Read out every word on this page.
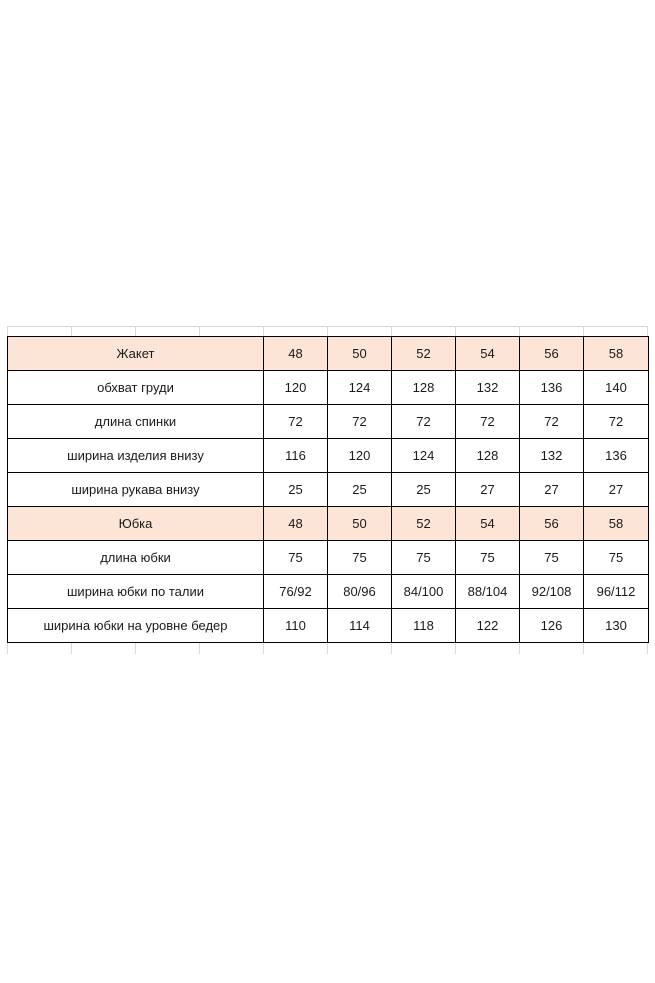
Жакет	48	50	52	54	56	58
обхват груди	120	124	128	132	136	140
длина спинки	72	72	72	72	72	72
ширина изделия внизу	116	120	124	128	132	136
ширина рукава внизу	25	25	25	27	27	27
Юбка	48	50	52	54	56	58
длина юбки	75	75	75	75	75	75
ширина юбки по талии	76/92	80/96	84/100	88/104	92/108	96/112
ширина юбки на уровне бедер	110	114	118	122	126	130
